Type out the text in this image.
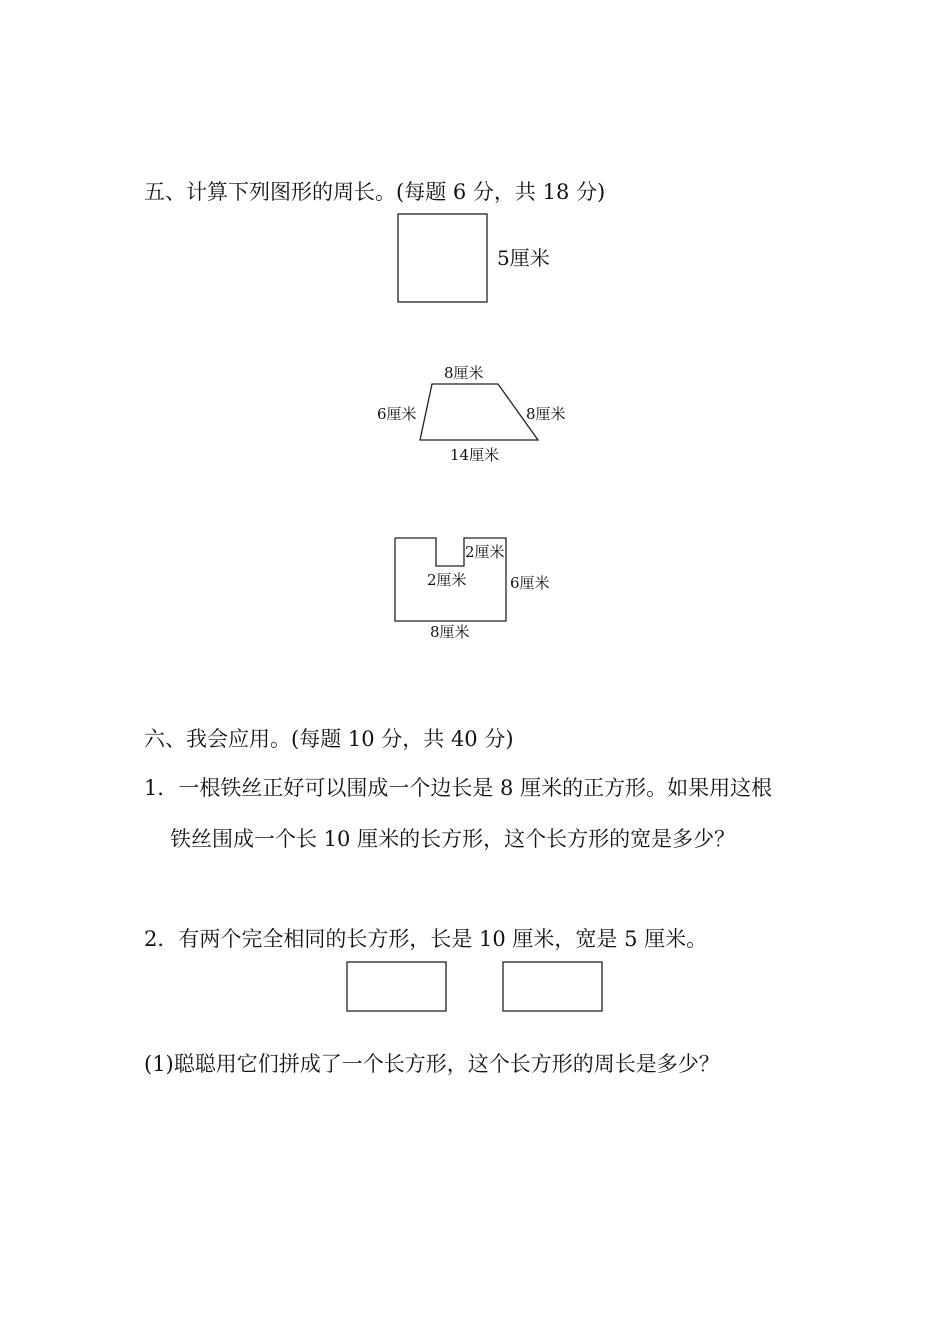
五、计算下列图形的周长。(每题 6 分，共 18 分)
5厘米
8厘米
6厘米	8厘米
14厘米
2厘米
2厘米	6厘米
8厘米
六、我会应用。(每题 10 分，共 40 分)
1．一根铁丝正好可以围成一个边长是 8 厘米的正方形。如果用这根
铁丝围成一个长 10 厘米的长方形，这个长方形的宽是多少？
2．有两个完全相同的长方形，长是 10 厘米，宽是 5 厘米。
(1)聪聪用它们拼成了一个长方形，这个长方形的周长是多少？
